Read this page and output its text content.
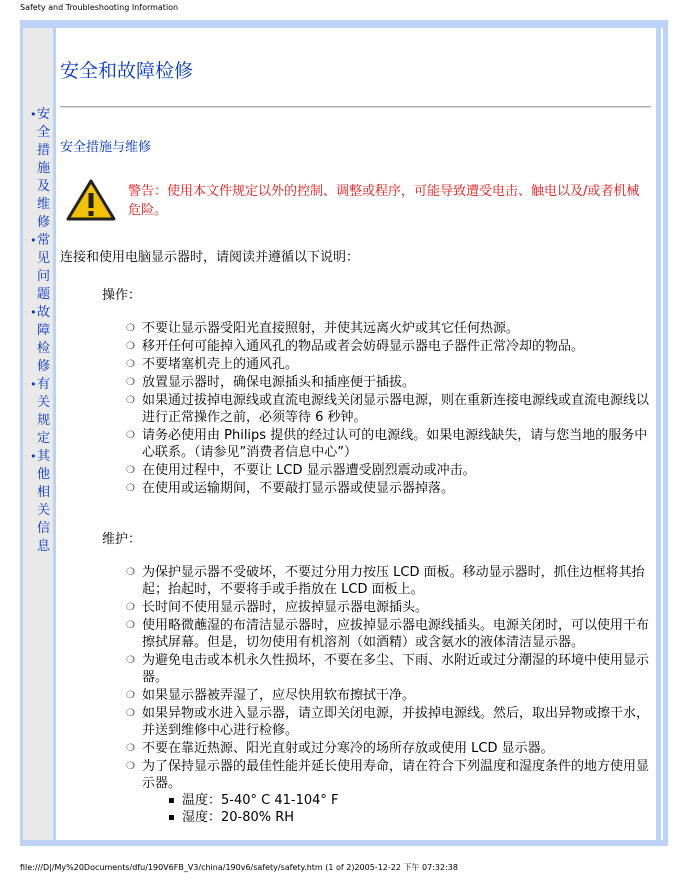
Safety and Troubleshooting Information
• 安全措施及维修
• 常见问题
• 故障检修
• 有关规定
• 其他相关信息
安全和故障检修
安全措施与维修
警告：使用本文件规定以外的控制、调整或程序，可能导致遭受电击、触电以及/或者机械危险。
连接和使用电脑显示器时，请阅读并遵循以下说明：
操作：
❍ 不要让显示器受阳光直接照射，并使其远离火炉或其它任何热源。
❍ 移开任何可能掉入通风孔的物品或者会妨碍显示器电子器件正常冷却的物品。
❍ 不要堵塞机壳上的通风孔。
❍ 放置显示器时，确保电源插头和插座便于插拔。
❍ 如果通过拔掉电源线或直流电源线关闭显示器电源，则在重新连接电源线或直流电源线以进行正常操作之前，必须等待 6 秒钟。
❍ 请务必使用由 Philips 提供的经过认可的电源线。如果电源线缺失，请与您当地的服务中心联系。（请参见”消费者信息中心”）
❍ 在使用过程中，不要让 LCD 显示器遭受剧烈震动或冲击。
❍ 在使用或运输期间，不要敲打显示器或使显示器掉落。
维护：
❍ 为保护显示器不受破坏，不要过分用力按压 LCD 面板。移动显示器时，抓住边框将其抬起；抬起时，不要将手或手指放在 LCD 面板上。
❍ 长时间不使用显示器时，应拔掉显示器电源插头。
❍ 使用略微蘸湿的布清洁显示器时，应拔掉显示器电源线插头。电源关闭时，可以使用干布擦拭屏幕。但是，切勿使用有机溶剂（如酒精）或含氨水的液体清洁显示器。
❍ 为避免电击或本机永久性损坏，不要在多尘、下雨、水附近或过分潮湿的环境中使用显示器。
❍ 如果显示器被弄湿了，应尽快用软布擦拭干净。
❍ 如果异物或水进入显示器，请立即关闭电源，并拔掉电源线。然后，取出异物或擦干水，并送到维修中心进行检修。
❍ 不要在靠近热源、阳光直射或过分寒冷的场所存放或使用 LCD 显示器。
❍ 为了保持显示器的最佳性能并延长使用寿命，请在符合下列温度和湿度条件的地方使用显示器。
▪ 温度：5-40° C 41-104° F
▪ 湿度：20-80% RH
file:///D|/My%20Documents/dfu/190V6FB_V3/china/190v6/safety/safety.htm (1 of 2)2005-12-22 下午 07:32:38
